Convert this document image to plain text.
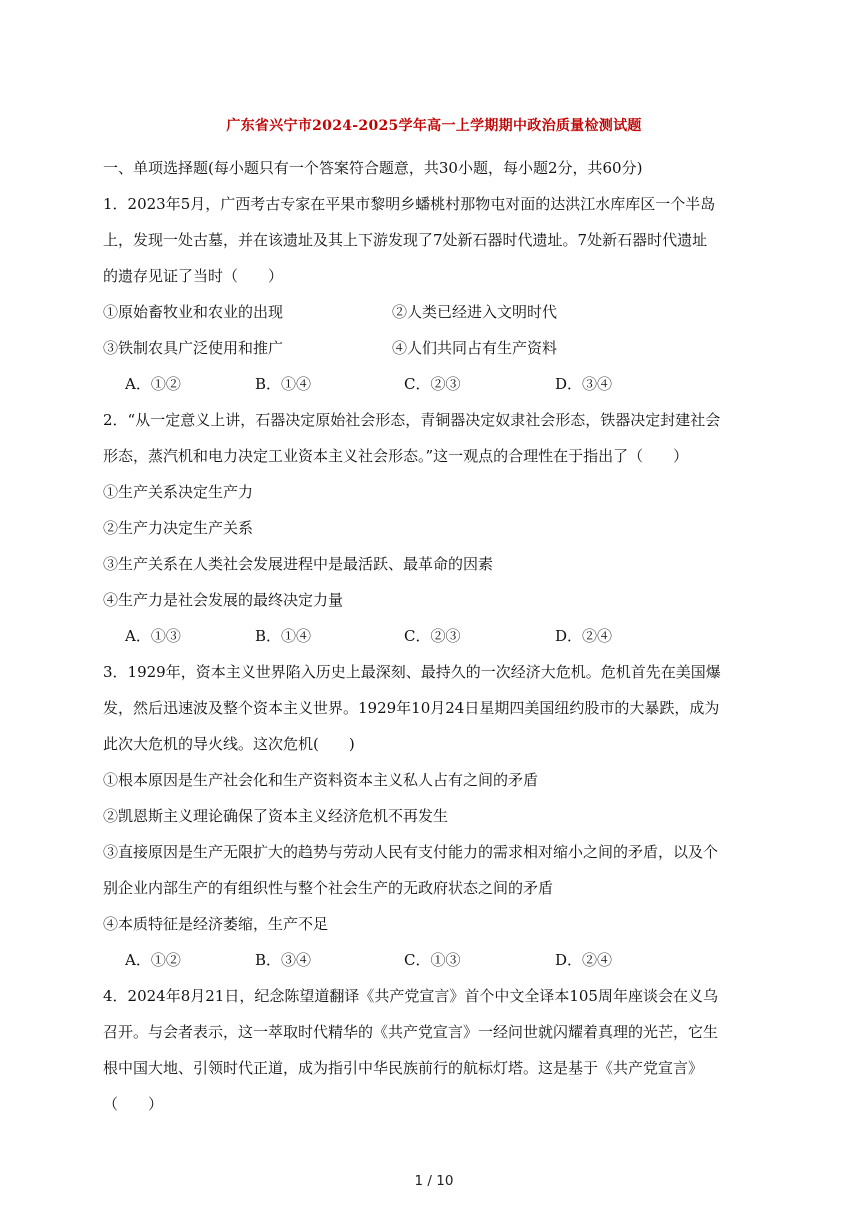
广东省兴宁市2024-2025学年高一上学期期中政治质量检测试题
一、单项选择题(每小题只有一个答案符合题意，共30小题，每小题2分，共60分)
1．2023年5月，广西考古专家在平果市黎明乡蟠桃村那物屯对面的达洪江水库库区一个半岛
上，发现一处古墓，并在该遗址及其上下游发现了7处新石器时代遗址。7处新石器时代遗址
的遗存见证了当时（　　）
①原始畜牧业和农业的出现	②人类已经进入文明时代
③铁制农具广泛使用和推广	④人们共同占有生产资料
A．①②	B．①④	C．②③	D．③④
2．“从一定意义上讲，石器决定原始社会形态，青铜器决定奴隶社会形态，铁器决定封建社会
形态，蒸汽机和电力决定工业资本主义社会形态。”这一观点的合理性在于指出了（　　）
①生产关系决定生产力
②生产力决定生产关系
③生产关系在人类社会发展进程中是最活跃、最革命的因素
④生产力是社会发展的最终决定力量
A．①③	B．①④	C．②③	D．②④
3．1929年，资本主义世界陷入历史上最深刻、最持久的一次经济大危机。危机首先在美国爆
发，然后迅速波及整个资本主义世界。1929年10月24日星期四美国纽约股市的大暴跌，成为
此次大危机的导火线。这次危机(　　)
①根本原因是生产社会化和生产资料资本主义私人占有之间的矛盾
②凯恩斯主义理论确保了资本主义经济危机不再发生
③直接原因是生产无限扩大的趋势与劳动人民有支付能力的需求相对缩小之间的矛盾，以及个
别企业内部生产的有组织性与整个社会生产的无政府状态之间的矛盾
④本质特征是经济萎缩，生产不足
A．①②	B．③④	C．①③	D．②④
4．2024年8月21日，纪念陈望道翻译《共产党宣言》首个中文全译本105周年座谈会在义乌
召开。与会者表示，这一萃取时代精华的《共产党宣言》一经问世就闪耀着真理的光芒，它生
根中国大地、引领时代正道，成为指引中华民族前行的航标灯塔。这是基于《共产党宣言》
（　　）
1 / 10
